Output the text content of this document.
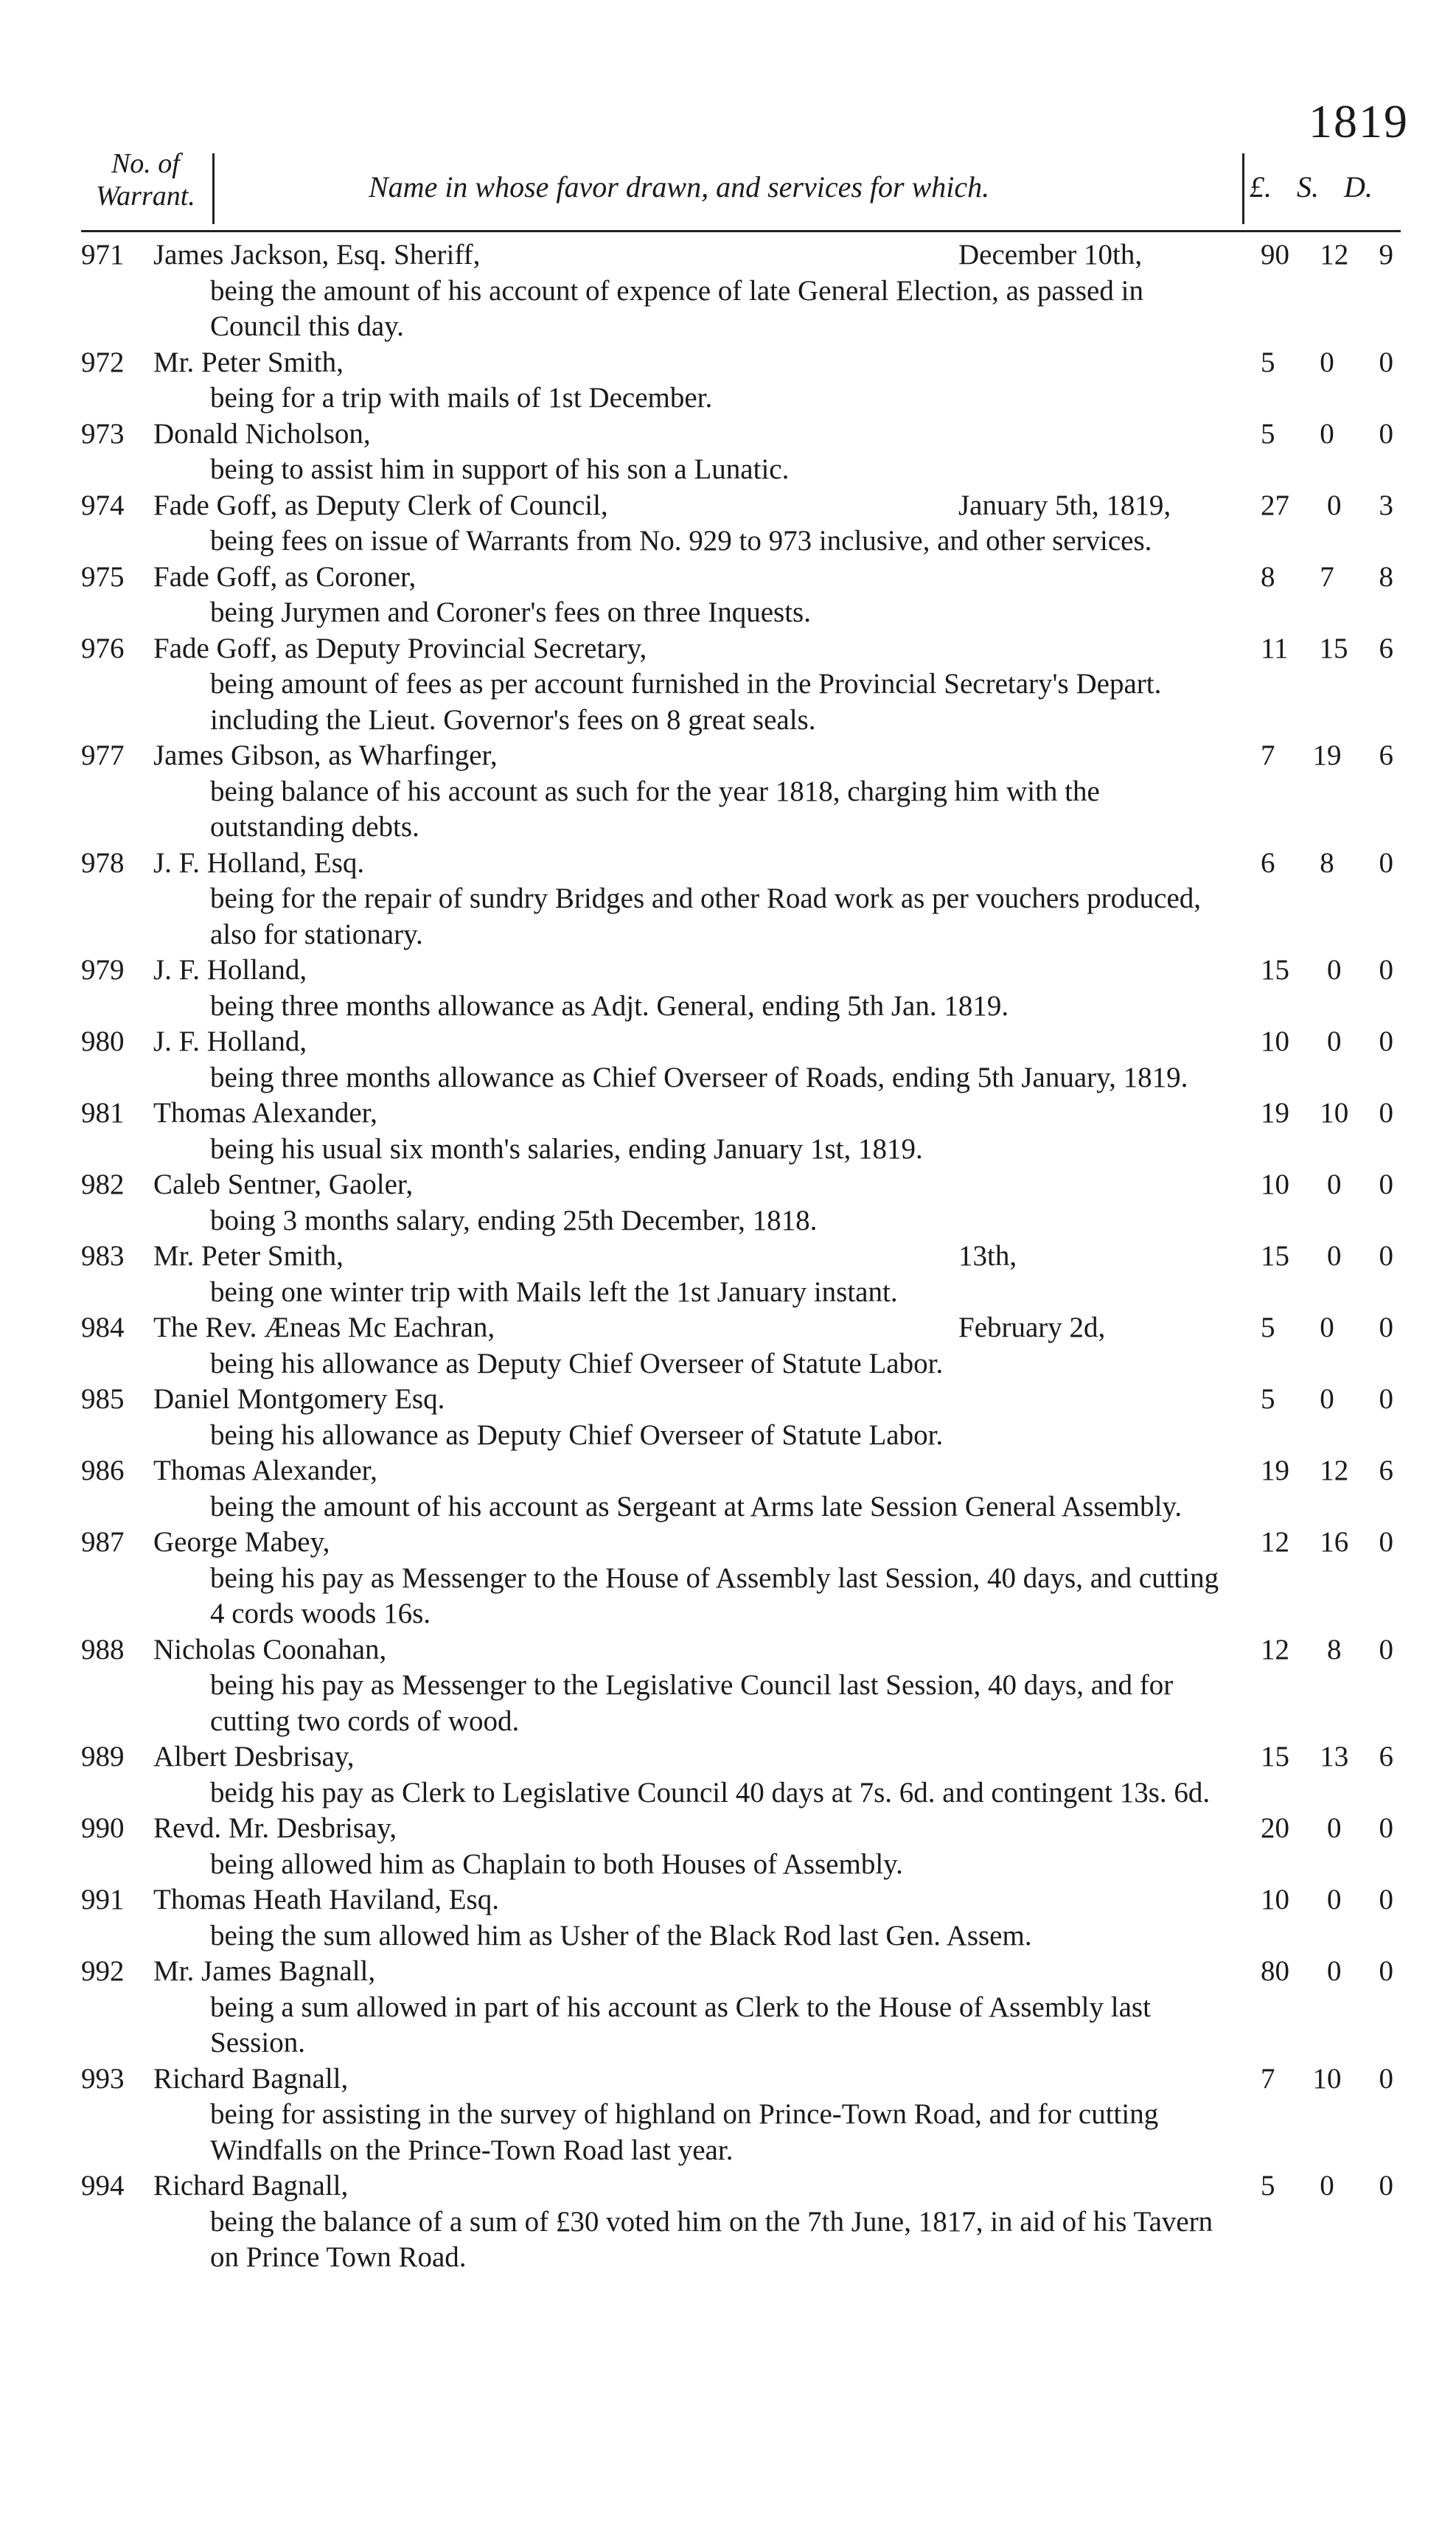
1819
No. of
Warrant.	Name in whose favor drawn, and services for which.	£. S. D.
971 James Jackson, Esq. Sheriff,	December 10th,	90 12 9
being the amount of his account of expence of late General Election, as passed in Council this day.
972 Mr. Peter Smith,	5 0 0
being for a trip with mails of 1st December.
973 Donald Nicholson,	5 0 0
being to assist him in support of his son a Lunatic.
974 Fade Goff, as Deputy Clerk of Council,	January 5th, 1819,	27 0 3
being fees on issue of Warrants from No. 929 to 973 inclusive, and other services.
975 Fade Goff, as Coroner,	8 7 8
being Jurymen and Coroner's fees on three Inquests.
976 Fade Goff, as Deputy Provincial Secretary,	11 15 6
being amount of fees as per account furnished in the Provincial Secretary's Depart. including the Lieut. Governor's fees on 8 great seals.
977 James Gibson, as Wharfinger,	7 19 6
being balance of his account as such for the year 1818, charging him with the outstanding debts.
978 J. F. Holland, Esq.	6 8 0
being for the repair of sundry Bridges and other Road work as per vouchers produced, also for stationary.
979 J. F. Holland,	15 0 0
being three months allowance as Adjt. General, ending 5th Jan. 1819.
980 J. F. Holland,	10 0 0
being three months allowance as Chief Overseer of Roads, ending 5th January, 1819.
981 Thomas Alexander,	19 10 0
being his usual six month's salaries, ending January 1st, 1819.
982 Caleb Sentner, Gaoler,	10 0 0
boing 3 months salary, ending 25th December, 1818.
983 Mr. Peter Smith,	13th,	15 0 0
being one winter trip with Mails left the 1st January instant.
984 The Rev. Æneas Mc Eachran,	February 2d,	5 0 0
being his allowance as Deputy Chief Overseer of Statute Labor.
985 Daniel Montgomery Esq.	5 0 0
being his allowance as Deputy Chief Overseer of Statute Labor.
986 Thomas Alexander,	19 12 6
being the amount of his account as Sergeant at Arms late Session General Assembly.
987 George Mabey,	12 16 0
being his pay as Messenger to the House of Assembly last Session, 40 days, and cutting 4 cords woods 16s.
988 Nicholas Coonahan,	12 8 0
being his pay as Messenger to the Legislative Council last Session, 40 days, and for cutting two cords of wood.
989 Albert Desbrisay,	15 13 6
beidg his pay as Clerk to Legislative Council 40 days at 7s. 6d. and contingent 13s. 6d.
990 Revd. Mr. Desbrisay,	20 0 0
being allowed him as Chaplain to both Houses of Assembly.
991 Thomas Heath Haviland, Esq.	10 0 0
being the sum allowed him as Usher of the Black Rod last Gen. Assem.
992 Mr. James Bagnall,	80 0 0
being a sum allowed in part of his account as Clerk to the House of Assembly last Session.
993 Richard Bagnall,	7 10 0
being for assisting in the survey of highland on Prince-Town Road, and for cutting Windfalls on the Prince-Town Road last year.
994 Richard Bagnall,	5 0 0
being the balance of a sum of £30 voted him on the 7th June, 1817, in aid of his Tavern on Prince Town Road.
